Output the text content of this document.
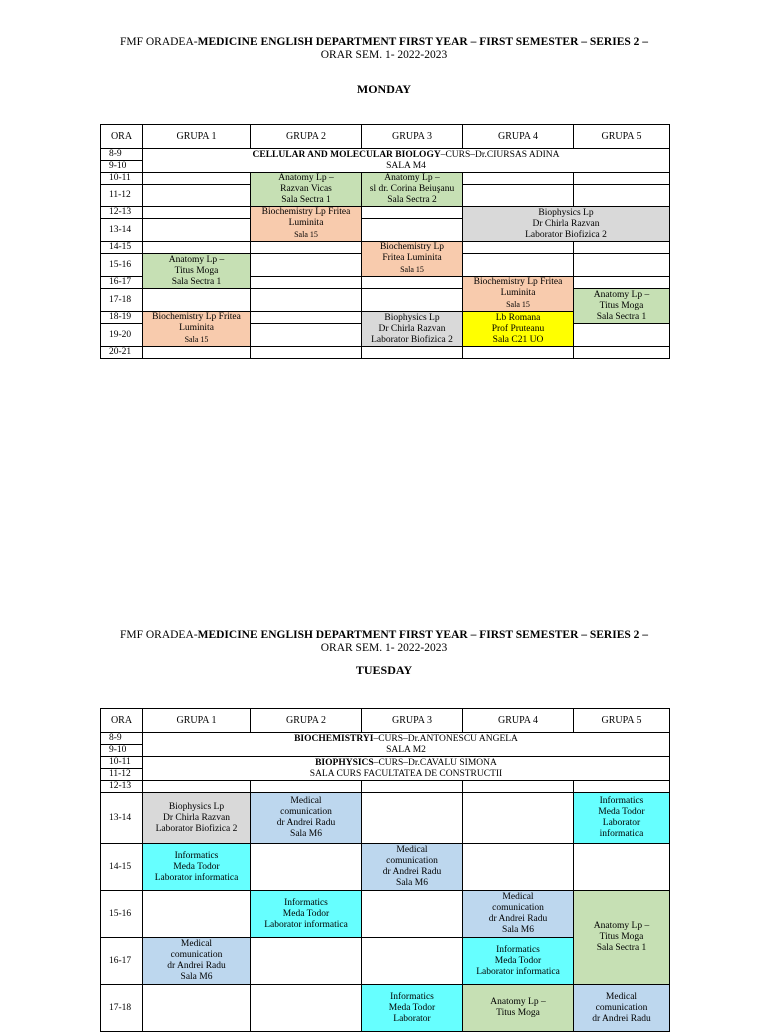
FMF ORADEA-MEDICINE ENGLISH DEPARTMENT FIRST YEAR – FIRST SEMESTER – SERIES 2 –
ORAR SEM. 1- 2022-2023
MONDAY
ORA	GRUPA 1	GRUPA 2	GRUPA 3	GRUPA 4	GRUPA 5
8-9	CELLULAR AND MOLECULAR BIOLOGY–CURS–Dr.CIURSAS ADINA
SALA M4				
9-10					
10-11		Anatomy Lp –
Razvan Vicas
Sala Sectra 1	Anatomy Lp –
sl dr. Corina Beiuşanu
Sala Sectra 2		
11-12					
12-13		Biochemistry Lp Fritea
Luminita
Sala 15		Biophysics Lp
Dr Chirla Razvan
Laborator Biofizica 2	
13-14					
14-15			Biochemistry Lp
Fritea Luminita
Sala 15		
15-16	Anatomy Lp –
Titus Moga
Sala Sectra 1				
16-17				Biochemistry Lp Fritea
Luminita
Sala 15	
17-18					Anatomy Lp –
Titus Moga
Sala Sectra 1
18-19	Biochemistry Lp Fritea
Luminita
Sala 15		Biophysics Lp
Dr Chirla Razvan
Laborator Biofizica 2	Lb Romana
Prof Pruteanu
Sala C21 UO	
19-20					
20-21					
FMF ORADEA-MEDICINE ENGLISH DEPARTMENT FIRST YEAR – FIRST SEMESTER – SERIES 2 –
ORAR SEM. 1- 2022-2023
TUESDAY
ORA	GRUPA 1	GRUPA 2	GRUPA 3	GRUPA 4	GRUPA 5
8-9	BIOCHEMISTRYI–CURS–Dr.ANTONESCU ANGELA
SALA M2				
9-10					
10-11	BIOPHYSICS–CURS–Dr.CAVALU SIMONA
SALA CURS FACULTATEA DE CONSTRUCTII				
11-12					
12-13					
13-14	Biophysics Lp
Dr Chirla Razvan
Laborator Biofizica 2	Medical
comunication
dr Andrei Radu
Sala M6			Informatics
Meda Todor
Laborator
informatica
14-15	Informatics
Meda Todor
Laborator informatica		Medical
comunication
dr Andrei Radu
Sala M6		
15-16		Informatics
Meda Todor
Laborator informatica		Medical
comunication
dr Andrei Radu
Sala M6	Anatomy Lp –
Titus Moga
Sala Sectra 1
16-17	Medical
comunication
dr Andrei Radu
Sala M6			Informatics
Meda Todor
Laborator informatica	
17-18			Informatics
Meda Todor
Laborator	Anatomy Lp –
Titus Moga	Medical
comunication
dr Andrei Radu
